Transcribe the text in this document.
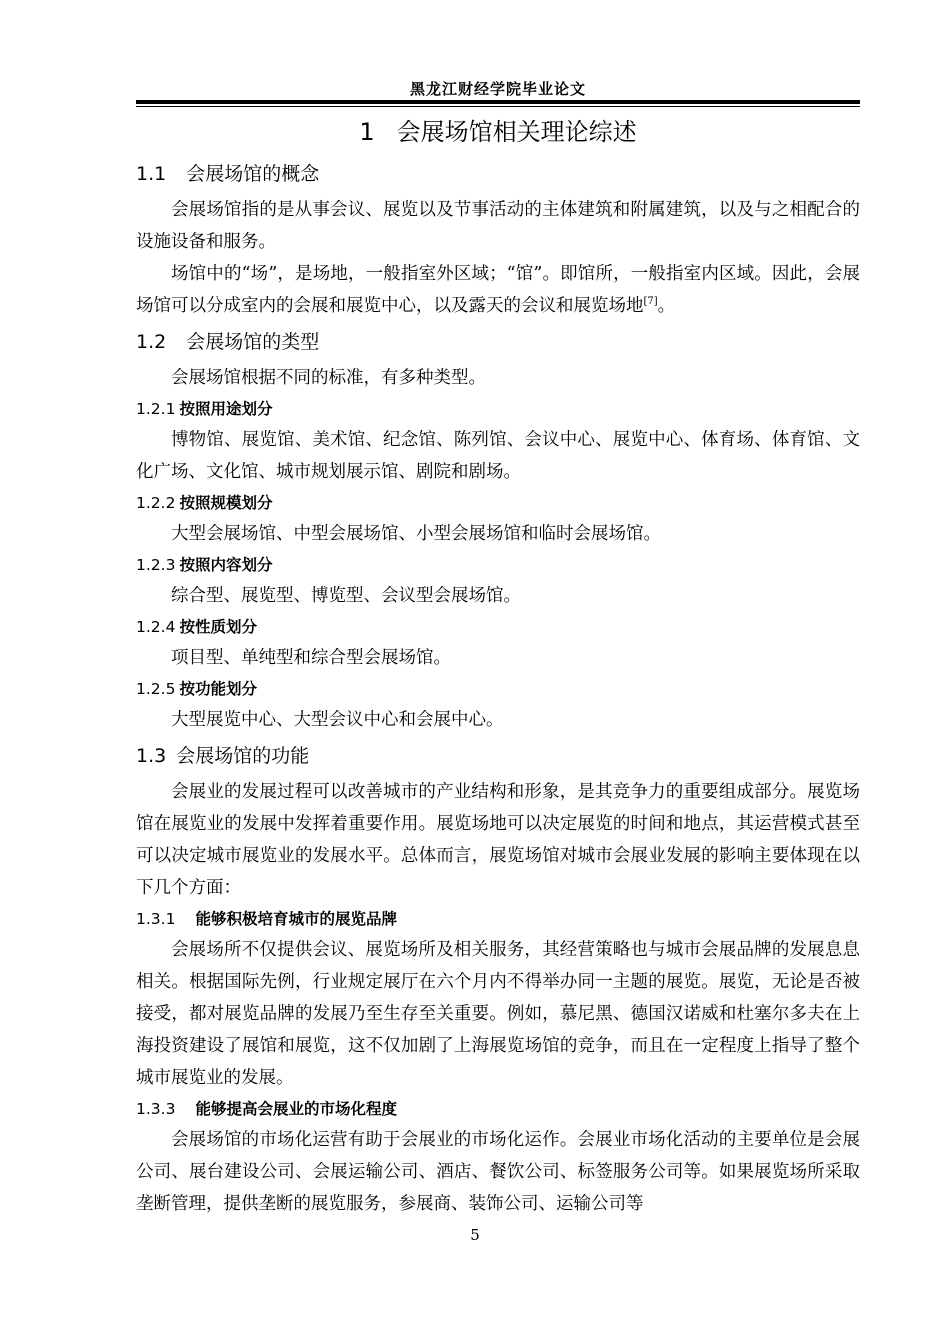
黑龙江财经学院毕业论文
1 会展场馆相关理论综述
1.1 会展场馆的概念

会展场馆指的是从事会议、展览以及节事活动的主体建筑和附属建筑，以及与之相配合的设施设备和服务。

场馆中的“场”，是场地，一般指室外区域；“馆”。即馆所，一般指室内区域。因此，会展场馆可以分成室内的会展和展览中心，以及露天的会议和展览场地[7]。

1.2 会展场馆的类型

会展场馆根据不同的标准，有多种类型。

1.2.1 按照用途划分

博物馆、展览馆、美术馆、纪念馆、陈列馆、会议中心、展览中心、体育场、体育馆、文化广场、文化馆、城市规划展示馆、剧院和剧场。

1.2.2 按照规模划分

大型会展场馆、中型会展场馆、小型会展场馆和临时会展场馆。

1.2.3 按照内容划分

综合型、展览型、博览型、会议型会展场馆。

1.2.4 按性质划分

项目型、单纯型和综合型会展场馆。

1.2.5 按功能划分

大型展览中心、大型会议中心和会展中心。

1.3 会展场馆的功能

会展业的发展过程可以改善城市的产业结构和形象，是其竞争力的重要组成部分。展览场馆在展览业的发展中发挥着重要作用。展览场地可以决定展览的时间和地点，其运营模式甚至可以决定城市展览业的发展水平。总体而言，展览场馆对城市会展业发展的影响主要体现在以下几个方面：

1.3.1 能够积极培育城市的展览品牌

会展场所不仅提供会议、展览场所及相关服务，其经营策略也与城市会展品牌的发展息息相关。根据国际先例，行业规定展厅在六个月内不得举办同一主题的展览。展览，无论是否被接受，都对展览品牌的发展乃至生存至关重要。例如，慕尼黑、德国汉诺威和杜塞尔多夫在上海投资建设了展馆和展览，这不仅加剧了上海展览场馆的竞争，而且在一定程度上指导了整个城市展览业的发展。

1.3.3 能够提高会展业的市场化程度

会展场馆的市场化运营有助于会展业的市场化运作。会展业市场化活动的主要单位是会展公司、展台建设公司、会展运输公司、酒店、餐饮公司、标签服务公司等。如果展览场所采取垄断管理，提供垄断的展览服务，参展商、装饰公司、运输公司等

5
